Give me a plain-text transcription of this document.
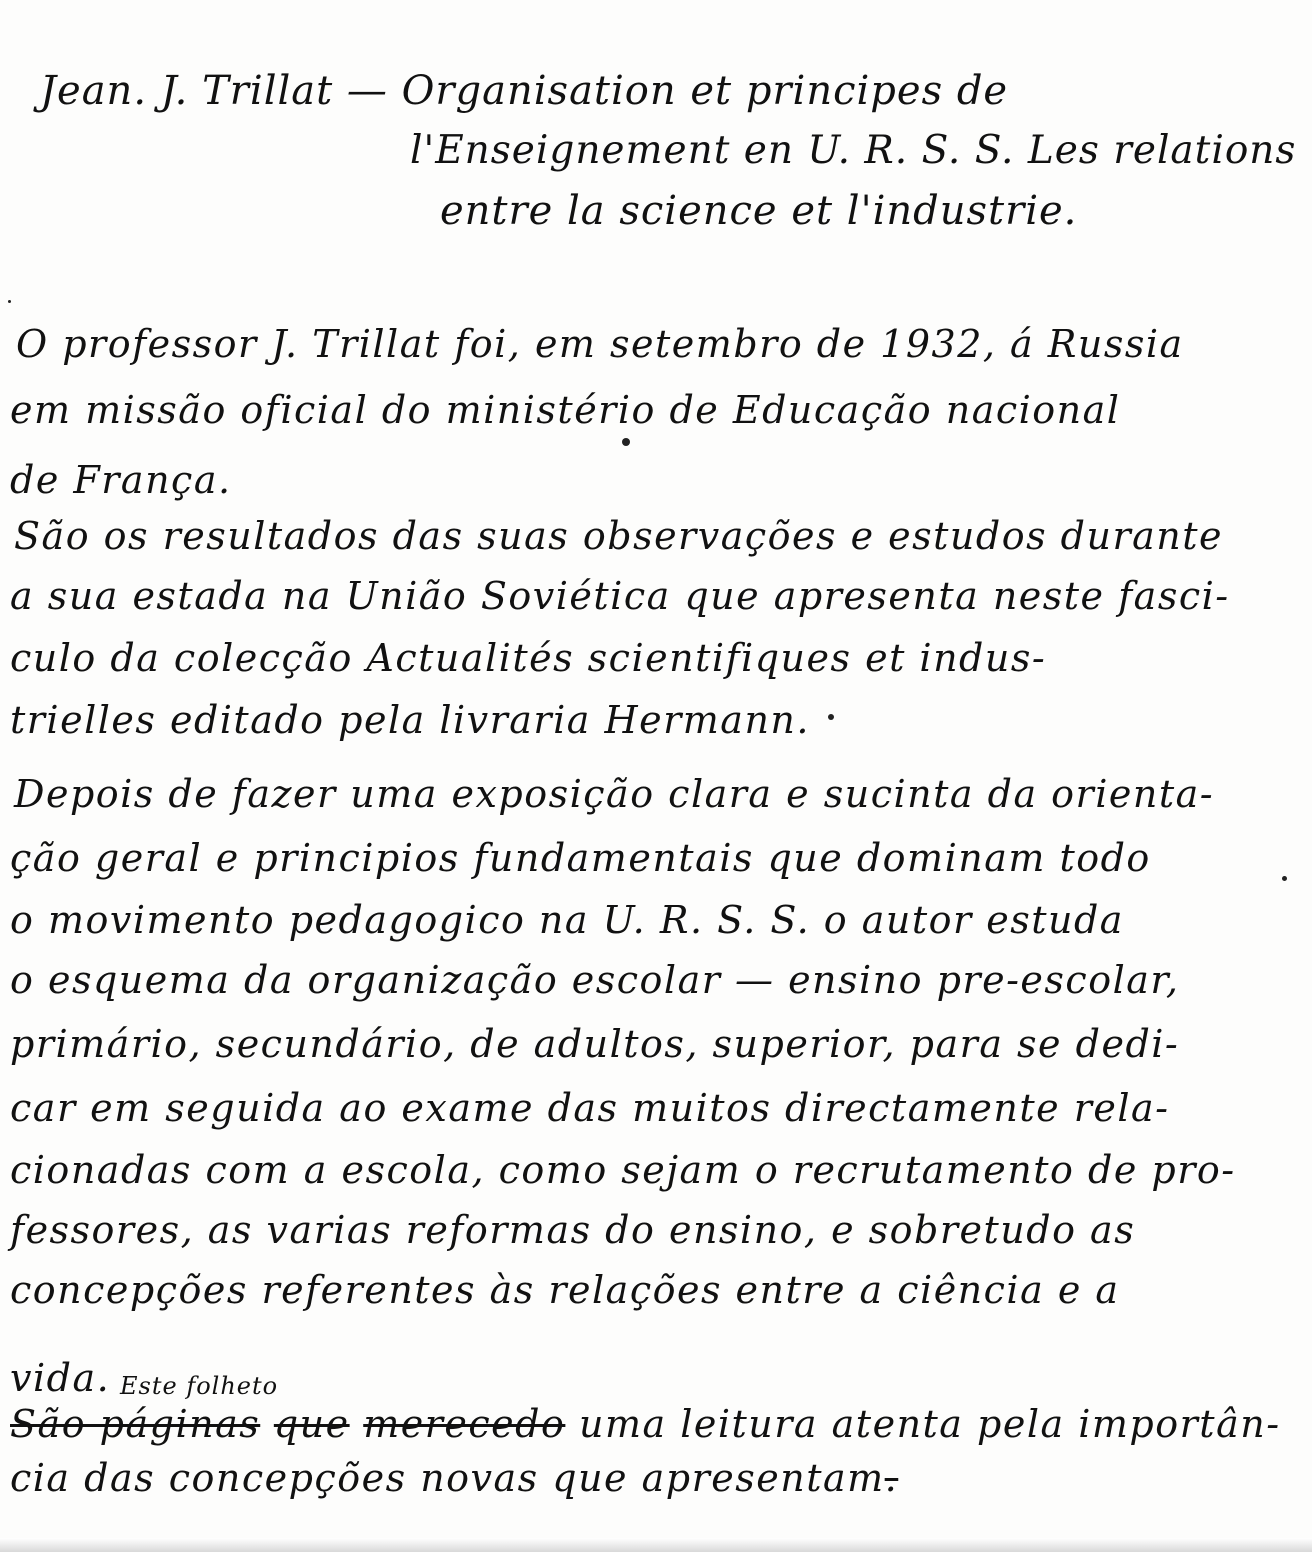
Jean. J. Trillat — Organisation et principes de
l'Enseignement en U. R. S. S. Les relations
entre la science et l'industrie.
O professor J. Trillat foi, em setembro de 1932, á Russia
em missão oficial do ministério de Educação nacional
de França.
São os resultados das suas observações e estudos durante
a sua estada na União Soviética que apresenta neste fasci-
culo da colecção Actualités scientifiques et indus-
trielles editado pela livraria Hermann.
Depois de fazer uma exposição clara e sucinta da orienta-
ção geral e principios fundamentais que dominam todo
o movimento pedagogico na U. R. S. S. o autor estuda
o esquema da organização escolar — ensino pre-escolar,
primário, secundário, de adultos, superior, para se dedi-
car em seguida ao exame das muitos directamente rela-
cionadas com a escola, como sejam o recrutamento de pro-
fessores, as varias reformas do ensino, e sobretudo as
concepções referentes às relações entre a ciência e a
vida. Este folheto
São páginas que merecedo uma leitura atenta pela importân-
cia das concepções novas que apresentam.
